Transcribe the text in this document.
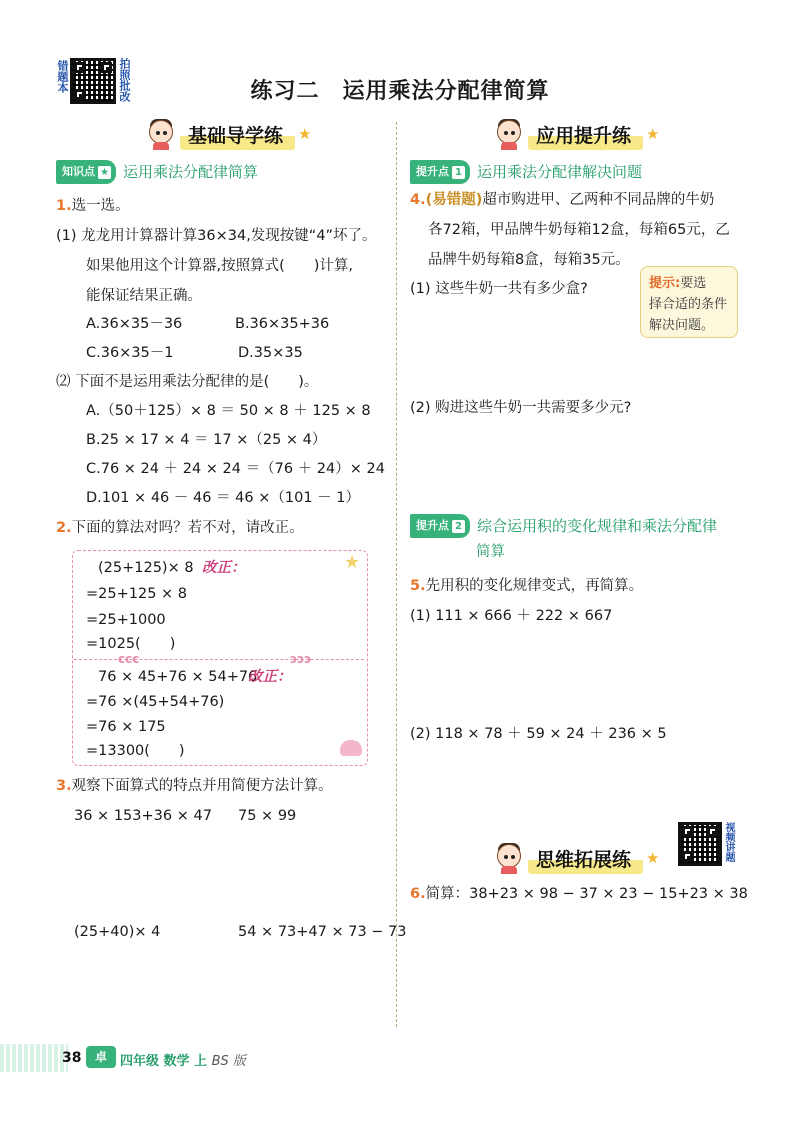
错题本	拍照批改	练习二　运用乘法分配律简算
基础导学练	★
知识点 ★ 运用乘法分配律简算
1.选一选。
(1) 龙龙用计算器计算36×34,发现按键“4”坏了。
如果他用这个计算器,按照算式(　　)计算,
能保证结果正确。
A.36×35－36	B.36×35+36
C.36×35－1	D.35×35
⑵ 下面不是运用乘法分配律的是(　　)。
A.（50＋125）× 8 ＝ 50 × 8 ＋ 125 × 8
B.25 × 17 × 4 ＝ 17 ×（25 × 4）
C.76 × 24 ＋ 24 × 24 ＝（76 ＋ 24）× 24
D.101 × 46 － 46 ＝ 46 ×（101 － 1）
2.下面的算法对吗？若不对，请改正。
ccc	ↄↄↄ
★
(25+125)× 8 改正：
=25+125 × 8
=25+1000
=1025(　　)
76 × 45+76 × 54+76
改正：
=76 ×(45+54+76)
=76 × 175
=13300(　　)
3.观察下面算式的特点并用简便方法计算。
36 × 153+36 × 47 75 × 99
(25+40)× 4	54 × 73+47 × 73 − 73
应用提升练	★
提升点 1 运用乘法分配律解决问题
4.(易错题)超市购进甲、乙两种不同品牌的牛奶
各72箱，甲品牌牛奶每箱12盒，每箱65元，乙
品牌牛奶每箱8盒，每箱35元。
(1) 这些牛奶一共有多少盒?	提示:要选
择合适的条件
解决问题。
(2) 购进这些牛奶一共需要多少元?
提升点 2 综合运用积的变化规律和乘法分配律
简算
5.先用积的变化规律变式，再简算。
(1) 111 × 666 ＋ 222 × 667
(2) 118 × 78 ＋ 59 × 24 ＋ 236 × 5
思维拓展练	★	视频讲题
6.简算：38+23 × 98 − 37 × 23 − 15+23 × 38
38	卓	四年级 数学 上 BS 版
